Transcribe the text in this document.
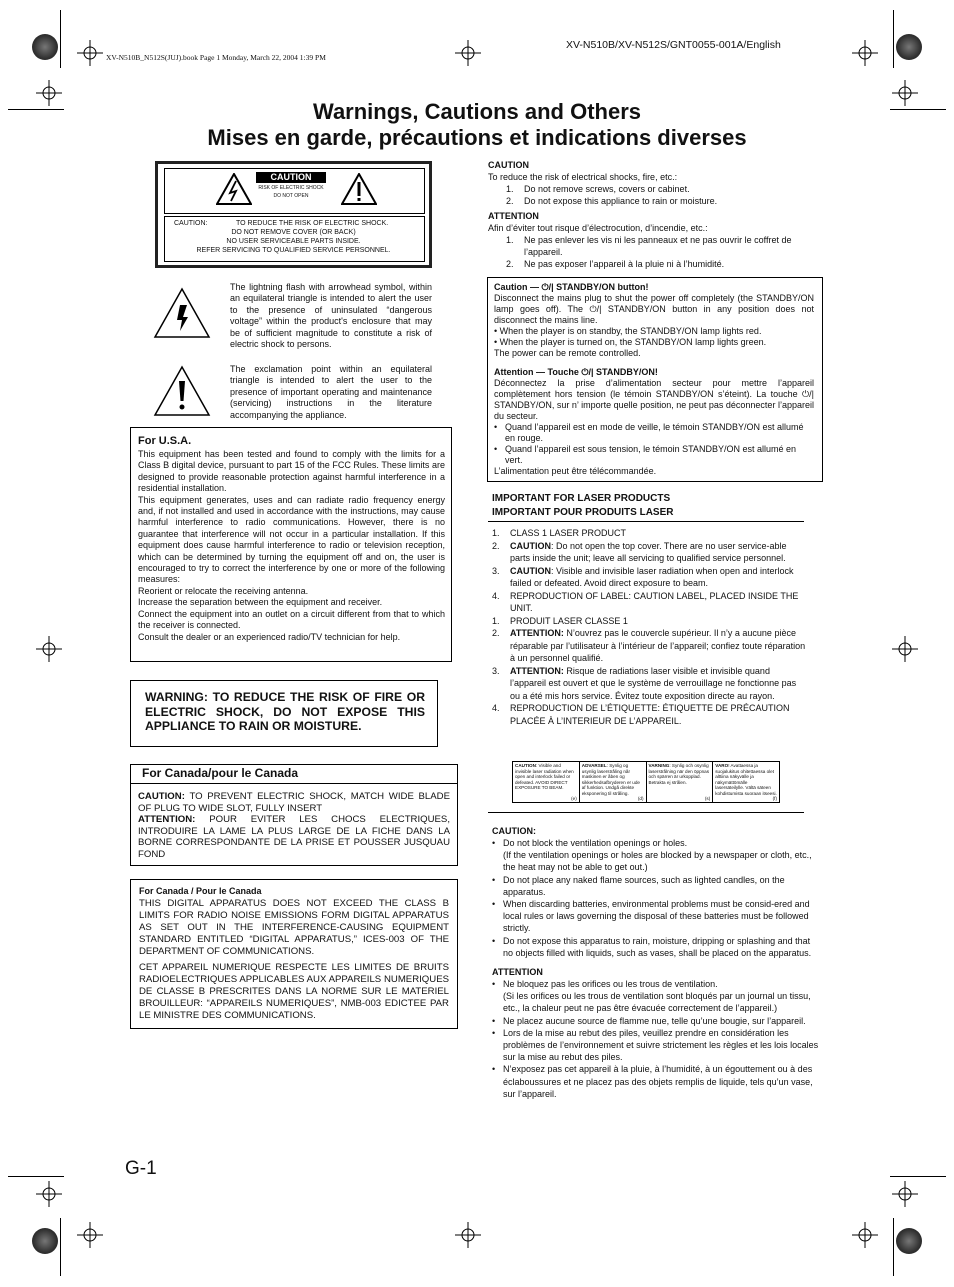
XV-N510B_N512S(JUJ).book Page 1 Monday, March 22, 2004 1:39 PM
XV-N510B/XV-N512S/GNT0055-001A/English
Warnings, Cautions and Others
Mises en garde, précautions et indications diverses
CAUTION
RISK OF ELECTRIC SHOCK
DO NOT OPEN
CAUTION:	TO REDUCE THE RISK OF ELECTRIC SHOCK.
DO NOT REMOVE COVER (OR BACK)
NO USER SERVICEABLE PARTS INSIDE.
REFER SERVICING TO QUALIFIED SERVICE PERSONNEL.

The lightning flash with arrowhead symbol, within an equilateral triangle is intended to alert the user to the presence of uninsulated “dangerous voltage” within the product's enclosure that may be of sufficient magnitude to constitute a risk of electric shock to persons.

The exclamation point within an equilateral triangle is intended to alert the user to the presence of important operating and maintenance (servicing) instructions in the literature accompanying the appliance.

For U.S.A.

This equipment has been tested and found to comply with the limits for a Class B digital device, pursuant to part 15 of the FCC Rules. These limits are designed to provide reasonable protection against harmful interference in a residential installation.

This equipment generates, uses and can radiate radio frequency energy and, if not installed and used in accordance with the instructions, may cause harmful interference to radio communications. However, there is no guarantee that interference will not occur in a particular installation. If this equipment does cause harmful interference to radio or television reception, which can be determined by turning the equipment off and on, the user is encouraged to try to correct the interference by one or more of the following measures:

Reorient or relocate the receiving antenna.

Increase the separation between the equipment and receiver.

Connect the equipment into an outlet on a circuit different from that to which the receiver is connected.

Consult the dealer or an experienced radio/TV technician for help.

WARNING: TO REDUCE THE RISK OF FIRE OR ELECTRIC SHOCK, DO NOT EXPOSE THIS APPLIANCE TO RAIN OR MOISTURE.
For Canada/pour le Canada

CAUTION: TO PREVENT ELECTRIC SHOCK, MATCH WIDE BLADE OF PLUG TO WIDE SLOT, FULLY INSERT

ATTENTION: POUR EVITER LES CHOCS ELECTRIQUES, INTRODUIRE LA LAME LA PLUS LARGE DE LA FICHE DANS LA BORNE CORRESPONDANTE DE LA PRISE ET POUSSER JUSQUAU FOND

For Canada / Pour le Canada

THIS DIGITAL APPARATUS DOES NOT EXCEED THE CLASS B LIMITS FOR RADIO NOISE EMISSIONS FORM DIGITAL APPARATUS AS SET OUT IN THE INTERFERENCE-CAUSING EQUIPMENT STANDARD ENTITLED “DIGITAL APPARATUS,” ICES-003 OF THE DEPARTMENT OF COMMUNICATIONS.

CET APPAREIL NUMERIQUE RESPECTE LES LIMITES DE BRUITS RADIOELECTRIQUES APPLICABLES AUX APPAREILS NUMERIQUES DE CLASSE B PRESCRITES DANS LA NORME SUR LE MATERIEL BROUILLEUR: “APPAREILS NUMERIQUES”, NMB-003 EDICTEE PAR LE MINISTRE DES COMMUNICATIONS.

CAUTION
To reduce the risk of electrical shocks, fire, etc.:
1.	Do not remove screws, covers or cabinet.
2.	Do not expose this appliance to rain or moisture.
ATTENTION
Afin d’éviter tout risque d’électrocution, d’incendie, etc.:
1.	Ne pas enlever les vis ni les panneaux et ne pas ouvrir le coffret de l’appareil.
2.	Ne pas exposer l’appareil à la pluie ni à l’humidité.
Caution — ⏻/| STANDBY/ON button!

Disconnect the mains plug to shut the power off completely (the STANDBY/ON lamp goes off). The ⏻/| STANDBY/ON button in any position does not disconnect the mains line.

• When the player is on standby, the STANDBY/ON lamp lights red.

• When the player is turned on, the STANDBY/ON lamp lights green.

The power can be remote controlled.

Attention — Touche ⏻/| STANDBY/ON!

Déconnectez la prise d’alimentation secteur pour mettre l’appareil complètement hors tension (le témoin STANDBY/ON s’éteint). La touche ⏻/| STANDBY/ON, sur n’ importe quelle position, ne peut pas déconnecter l’appareil du secteur.

• Quand l’appareil est en mode de veille, le témoin STANDBY/ON est allumé en rouge.
• Quand l’appareil est sous tension, le témoin STANDBY/ON est allumé en vert.

L’alimentation peut être télécommandée.

IMPORTANT FOR LASER PRODUCTS
IMPORTANT POUR PRODUITS LASER
1.	CLASS 1 LASER PRODUCT
2.	CAUTION: Do not open the top cover. There are no user service-able parts inside the unit; leave all servicing to qualified service personnel.
3.	CAUTION: Visible and invisible laser radiation when open and interlock failed or defeated. Avoid direct exposure to beam.
4.	REPRODUCTION OF LABEL: CAUTION LABEL, PLACED INSIDE THE UNIT.
1.	PRODUIT LASER CLASSE 1
2.	ATTENTION: N’ouvrez pas le couvercle supérieur. Il n’y a aucune pièce réparable par l’utilisateur à l’intérieur de l’appareil; confiez toute réparation à un personnel qualifié.
3.	ATTENTION: Risque de radiations laser visible et invisible quand l’appareil est ouvert et que le système de verrouillage ne fonctionne pas ou a été mis hors service. Évitez toute exposition directe au rayon.
4.	REPRODUCTION DE L’ÉTIQUETTE: ÉTIQUETTE DE PRÉCAUTION PLACÉE À L’INTERIEUR DE L’APPAREIL.
CAUTION: Visible and invisible laser radiation when open and interlock failed or defeated. AVOID DIRECT EXPOSURE TO BEAM.
(e)
ADVARSEL: Synlig og usynlig laserstråling når maskinen er åben og sikkerhedsafbryderen er ude af funktion. Undgå direkte eksponering til stråling.
(d)
VARNING: Synlig och osynlig laserstrålning när den öppnas och spärren är urkopplad. Betrakta ej strålen.
(s)
VARO! Avattaessa ja suojalukitus ohitettaessa olet alttiina näkyvälle ja näkymättömälle lasersäteilylle. Vältä säteen kohdistumista suoraan itseesi.
(f)
CAUTION:
• Do not block the ventilation openings or holes.
(If the ventilation openings or holes are blocked by a newspaper or cloth, etc., the heat may not be able to get out.)
• Do not place any naked flame sources, such as lighted candles, on the apparatus.
• When discarding batteries, environmental problems must be consid-ered and local rules or laws governing the disposal of these batteries must be followed strictly.
• Do not expose this apparatus to rain, moisture, dripping or splashing and that no objects filled with liquids, such as vases, shall be placed on the apparatus.
ATTENTION
• Ne bloquez pas les orifices ou les trous de ventilation.
(Si les orifices ou les trous de ventilation sont bloqués par un journal un tissu, etc., la chaleur peut ne pas être évacuée correctement de l’appareil.)
• Ne placez aucune source de flamme nue, telle qu’une bougie, sur l’appareil.
• Lors de la mise au rebut des piles, veuillez prendre en considération les problèmes de l’environnement et suivre strictement les règles et les lois locales sur la mise au rebut des piles.
• N’exposez pas cet appareil à la pluie, à l’humidité, à un égouttement ou à des éclaboussures et ne placez pas des objets remplis de liquide, tels qu’un vase, sur l’appareil.
G-1
